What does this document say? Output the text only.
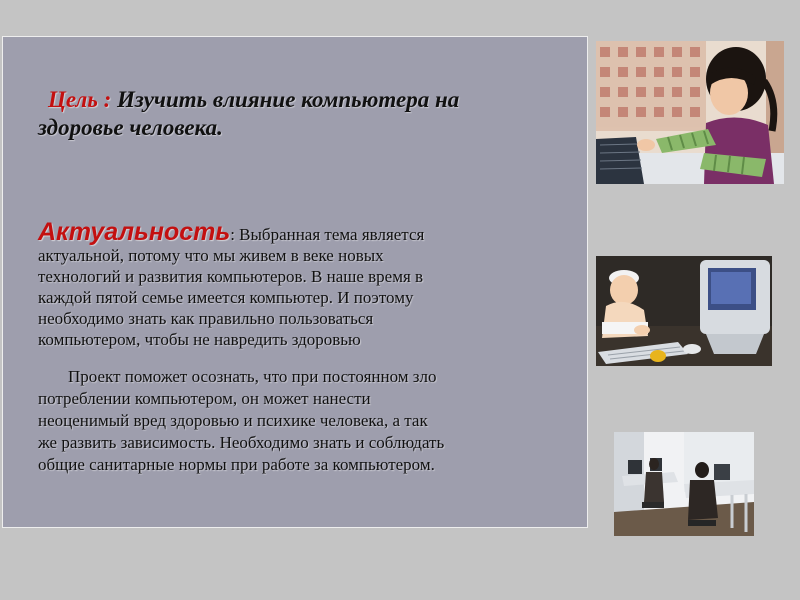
Цель : Изучить влияние компьютера на
здоровье человека.
Актуальность: Выбранная тема является
актуальной, потому что мы живем в веке новых
технологий и развития компьютеров. В наше время в
каждой пятой семье имеется компьютер. И поэтому
необходимо знать как правильно пользоваться
компьютером, чтобы не навредить здоровью
Проект поможет осознать, что при постоянном зло
потреблении компьютером, он может нанести
неоценимый вред здоровью и психике человека, а так
же развить зависимость. Необходимо знать и соблюдать
общие санитарные нормы при работе за компьютером.
